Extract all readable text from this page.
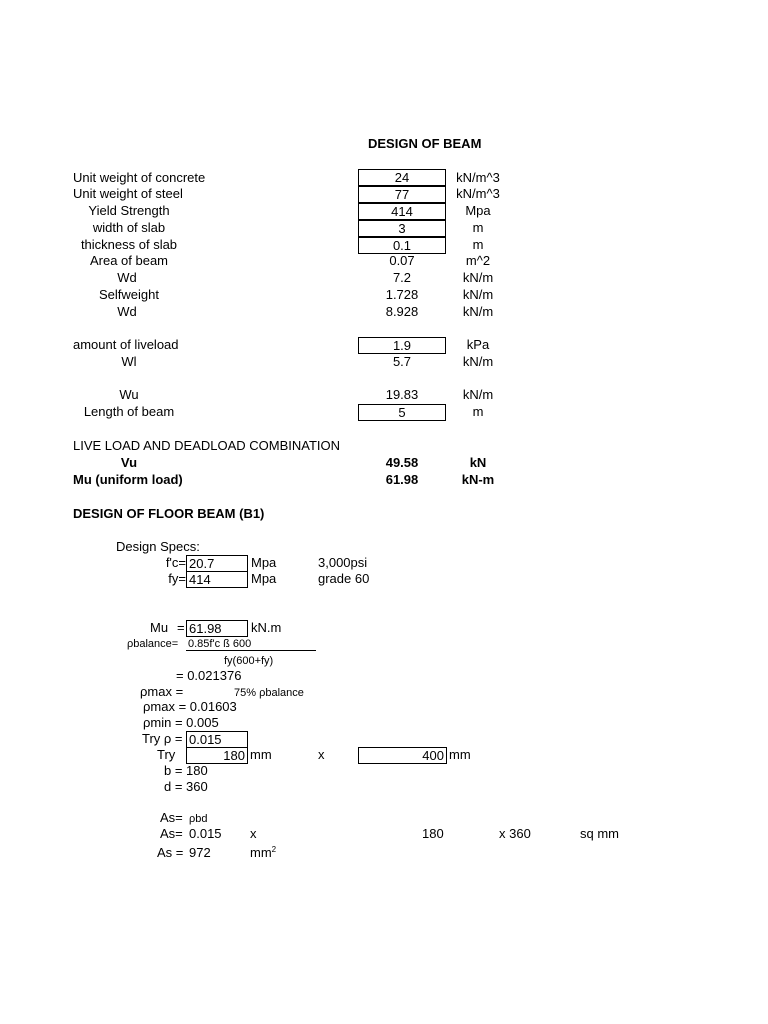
DESIGN OF BEAM
Unit weight of concrete	24	kN/m^3
Unit weight of steel	77	kN/m^3
Yield Strength	414	Mpa
width of slab	3	m
thickness of slab	0.1	m
Area of beam	0.07	m^2
Wd	7.2	kN/m
Selfweight	1.728	kN/m
Wd	8.928	kN/m
amount of liveload	1.9	kPa
Wl	5.7	kN/m
Wu	19.83	kN/m
Length of beam	5	m
LIVE LOAD AND DEADLOAD COMBINATION
Vu	49.58	kN
Mu (uniform load)	61.98	kN-m
DESIGN OF FLOOR BEAM (B1)
Design Specs:
f'c= 20.7	Mpa	3,000psi
fy= 414	Mpa	grade 60
Mu = 61.98	kN.m
ρbalance= 0.85f'c ß 600
fy(600+fy)
= 0.021376
ρmax =	75% ρbalance
ρmax = 0.01603
ρmin = 0.005
Try ρ = 0.015
Try	180 mm	x	400 mm
b = 180
d = 360
As= ρbd
As= 0.015 x	180	x 360	sq mm
As = 972	$mm^2$
